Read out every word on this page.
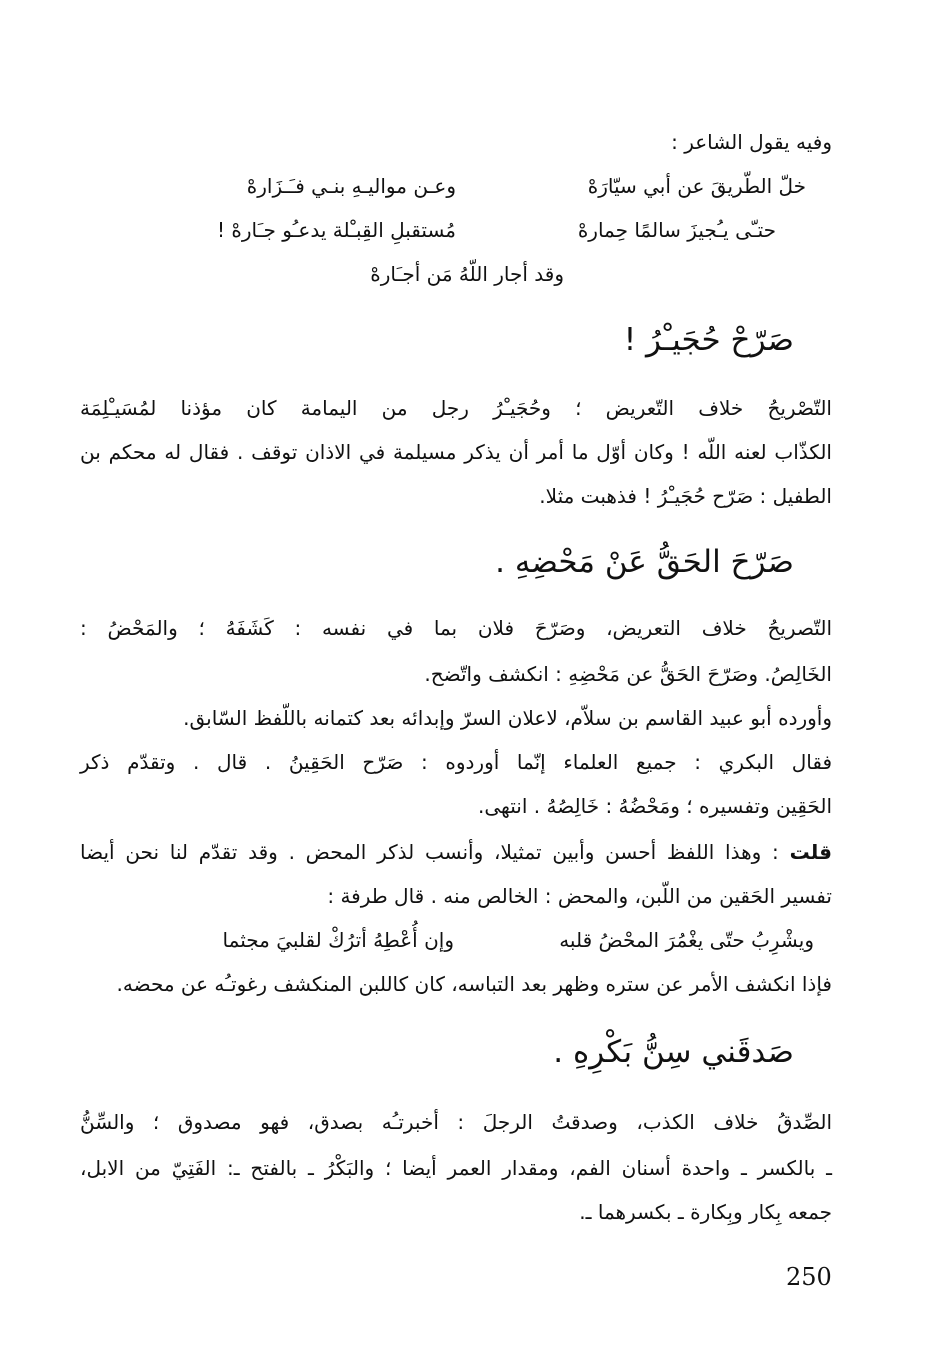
وفيه يقول الشاعر :
خلّ الطّريقَ عن أبي سيّارَهْ
وعـن مواليـهِ بنـي فـَـزَارهْ
حتـّى يـُجيزَ سالمًا حِمارهْ
مُستقبلِ القِبـْلة يدعـُو جـَارهْ !
وقد أجار اللّهُ مَن أجـَارهْ
صَرّحْ حُجَيـْرُ !
التّصْريحُ خلاف التّعريض ؛ وحُجَيـْرُ رجل من اليمامة كان مؤذنا لمُسَيـْلِمَة
الكذّاب لعنه اللّه ! وكان أوّل ما أمر أن يذكر مسيلمة في الاذان توقف . فقال له محكم بن
الطفيل : صَرّح حُجَيـْرُ ! فذهبت مثلا.
صَرّحَ الحَقُّ عَنْ مَحْضِهِ .
التّصريحُ خلاف التعريض، وصَرّحَ فلان بما في نفسه : كَشَفَهُ ؛ والمَحْضُ :
الخَالِصُ. وصَرّحَ الحَقُّ عن مَحْضِهِ : انكشف واتّضح.
وأورده أبو عبيد القاسم بن سلاّم، لاعلان السرّ وإبدائه بعد كتمانه باللّفظ السّابق.
فقال البكري : جميع العلماء إنّما أوردوه : صَرّح الحَقِينُ . قال . وتقدّم ذكر
الحَقِين وتفسيره ؛ ومَحْضُهُ : خَالِصُهُ . انتهى.
قلت : وهذا اللفظ أحسن وأبين تمثيلا، وأنسب لذكر المحض . وقد تقدّم لنا نحن أيضا
تفسير الحَقين من اللّبن، والمحض : الخالص منه . قال طرفة :
ويشْرِبُ حتّى يغْمُرَ المحْضُ قلبه
وإن أُعْطِهُ أترُكْ لقلبيَ مجثما
فإذا انكشف الأمر عن ستره وظهر بعد التباسه، كان كاللبن المنكشف رغوتـُه عن محضه.
صَدقَني سِنُّ بَكْرِهِ .
الصِّدقُ خلاف الكذب، وصدقتُ الرجلَ : أخبرتـُه بصدق، فهو مصدوق ؛ والسِّنُّ
ـ بالكسر ـ واحدة أسنان الفم، ومقدار العمر أيضا ؛ والبَكْرُ ـ بالفتح ـ: الفَتِيّ من الابل،
جمعه بِكار وبِكارة ـ بكسرهما ـ.
250
